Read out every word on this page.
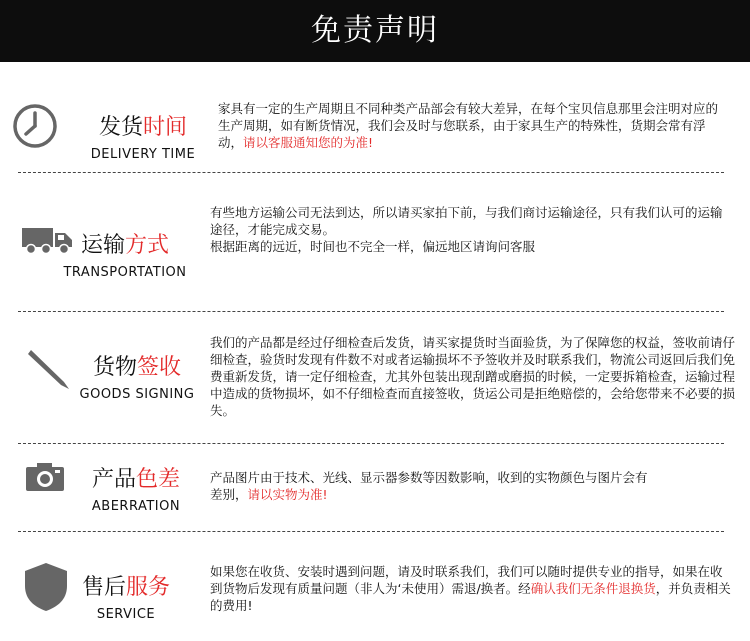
免责声明
发货时间
DELIVERY TIME
家具有一定的生产周期且不同种类产品部会有较大差异，在每个宝贝信息那里会注明对应的生产周期，如有断货情况，我们会及时与您联系，由于家具生产的特殊性，货期会常有浮动，请以客服通知您的为准!
运输方式
TRANSPORTATION
有些地方运输公司无法到达，所以请买家拍下前，与我们商讨运输途径，只有我们认可的运输途径，才能完成交易。
根据距离的远近，时间也不完全一样，偏远地区请询问客服
货物签收
GOODS SIGNING
我们的产品都是经过仔细检查后发货，请买家提货时当面验货，为了保障您的权益，签收前请仔细检查，验货时发现有件数不对或者运输损坏不予签收并及时联系我们，物流公司返回后我们免费重新发货，请一定仔细检查，尤其外包装出现刮蹭或磨损的时候，一定要拆箱检查，运输过程中造成的货物损坏，如不仔细检查而直接签收，货运公司是拒绝赔偿的，会给您带来不必要的损失。
产品色差
ABERRATION
产品图片由于技术、光线、显示器参数等因数影响，收到的实物颜色与图片会有差别，请以实物为准!
售后服务
SERVICE
如果您在收货、安装时遇到问题，请及时联系我们，我们可以随时提供专业的指导，如果在收到货物后发现有质量问题（非人为‘未使用）需退/换者。经确认我们无条件退换货，并负责相关的费用!
